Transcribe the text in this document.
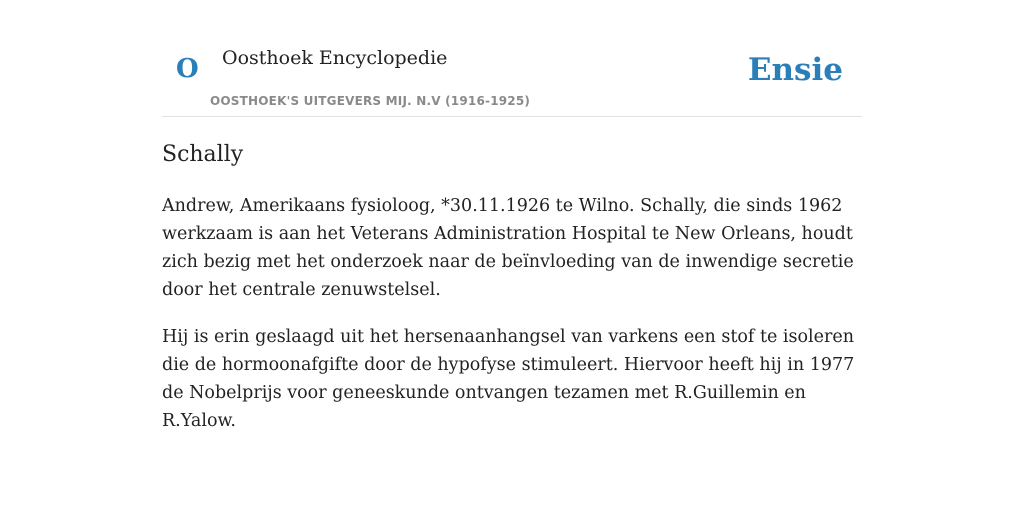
O Oosthoek Encyclopedie
OOSTHOEK'S UITGEVERS MIJ. N.V (1916-1925)
Ensie
Schally

Andrew, Amerikaans fysioloog, *30.11.1926 te Wilno. Schally, die sinds 1962 werkzaam is aan het Veterans Administration Hospital te New Orleans, houdt zich bezig met het onderzoek naar de beïnvloeding van de inwendige secretie door het centrale zenuwstelsel.

Hij is erin geslaagd uit het hersenaanhangsel van varkens een stof te isoleren die de hormoonafgifte door de hypofyse stimuleert. Hiervoor heeft hij in 1977 de Nobelprijs voor geneeskunde ontvangen tezamen met R.Guillemin en R.Yalow.
